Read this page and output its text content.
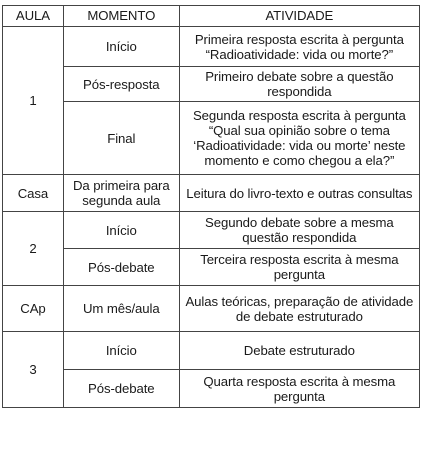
AULA	MOMENTO	ATIVIDADE
1	Início	Primeira resposta escrita à pergunta “Radioatividade: vida ou morte?”
	Pós-resposta	Primeiro debate sobre a questão respondida
	Final	Segunda resposta escrita à pergunta “Qual sua opinião sobre o tema ‘Radioatividade: vida ou morte’ neste momento e como chegou a ela?”
Casa	Da primeira para segunda aula	Leitura do livro-texto e outras consultas
2	Início	Segundo debate sobre a mesma questão respondida
	Pós-debate	Terceira resposta escrita à mesma pergunta
CAp	Um mês/aula	Aulas teóricas, preparação de atividade de debate estruturado
3	Início	Debate estruturado
	Pós-debate	Quarta resposta escrita à mesma pergunta
